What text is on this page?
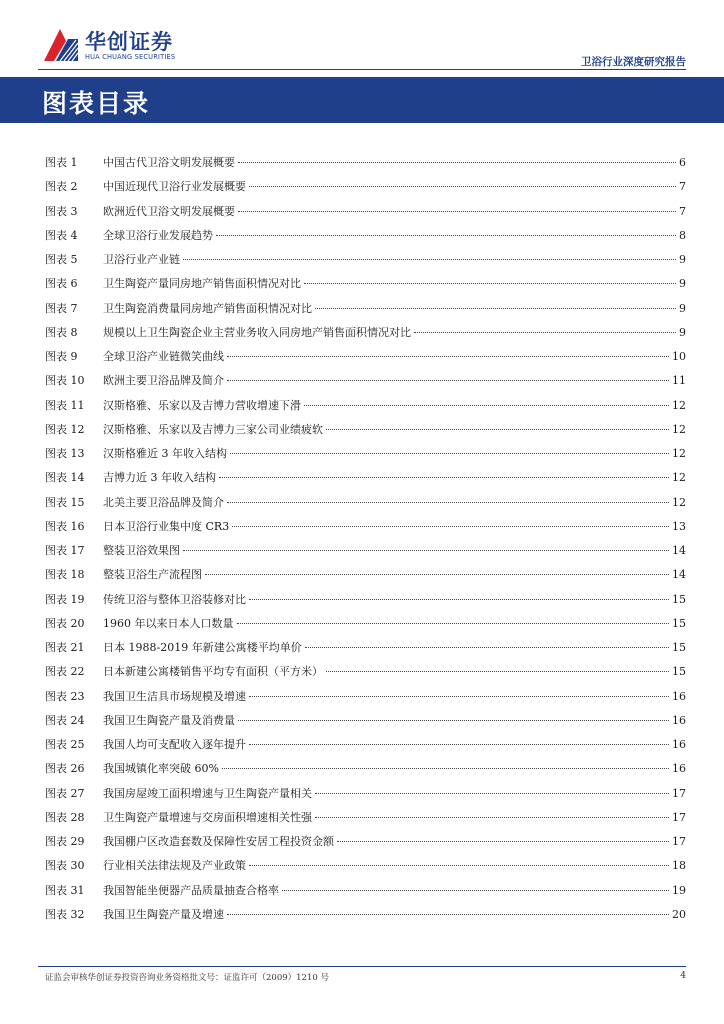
华创证券
HUA CHUANG SECURITIES	卫浴行业深度研究报告
图表目录
图表 1	中国古代卫浴文明发展概要	6
图表 2	中国近现代卫浴行业发展概要	7
图表 3	欧洲近代卫浴文明发展概要	7
图表 4	全球卫浴行业发展趋势	8
图表 5	卫浴行业产业链	9
图表 6	卫生陶瓷产量同房地产销售面积情况对比	9
图表 7	卫生陶瓷消费量同房地产销售面积情况对比	9
图表 8	规模以上卫生陶瓷企业主营业务收入同房地产销售面积情况对比	9
图表 9	全球卫浴产业链微笑曲线	10
图表 10	欧洲主要卫浴品牌及简介	11
图表 11	汉斯格雅、乐家以及吉博力营收增速下滑	12
图表 12	汉斯格雅、乐家以及吉博力三家公司业绩疲软	12
图表 13	汉斯格雅近 3 年收入结构	12
图表 14	吉博力近 3 年收入结构	12
图表 15	北美主要卫浴品牌及简介	12
图表 16	日本卫浴行业集中度 CR3	13
图表 17	整装卫浴效果图	14
图表 18	整装卫浴生产流程图	14
图表 19	传统卫浴与整体卫浴装修对比	15
图表 20	1960 年以来日本人口数量	15
图表 21	日本 1988-2019 年新建公寓楼平均单价	15
图表 22	日本新建公寓楼销售平均专有面积（平方米）	15
图表 23	我国卫生洁具市场规模及增速	16
图表 24	我国卫生陶瓷产量及消费量	16
图表 25	我国人均可支配收入逐年提升	16
图表 26	我国城镇化率突破 60%	16
图表 27	我国房屋竣工面积增速与卫生陶瓷产量相关	17
图表 28	卫生陶瓷产量增速与交房面积增速相关性强	17
图表 29	我国棚户区改造套数及保障性安居工程投资金额	17
图表 30	行业相关法律法规及产业政策	18
图表 31	我国智能坐便器产品质量抽查合格率	19
图表 32	我国卫生陶瓷产量及增速	20
证监会审核华创证券投资咨询业务资格批文号：证监许可（2009）1210 号	4
